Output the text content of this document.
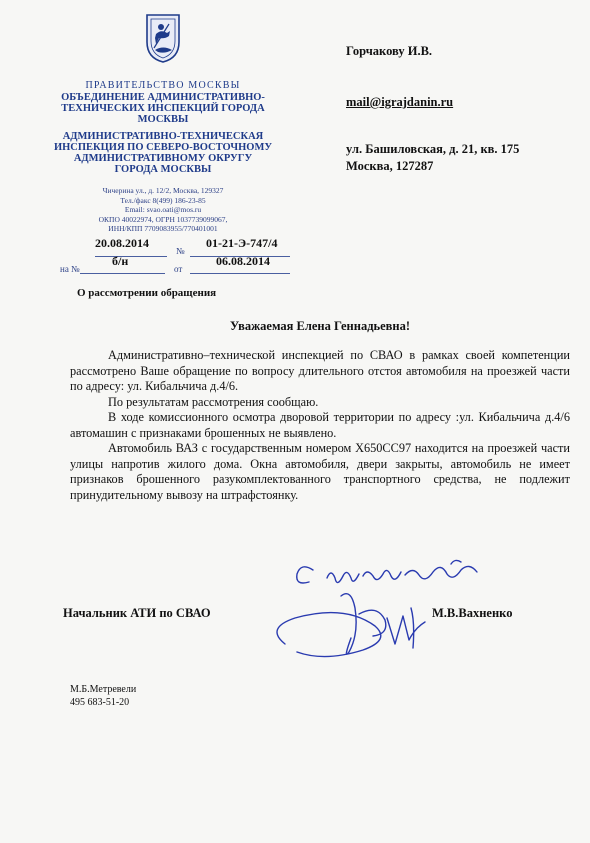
ПРАВИТЕЛЬСТВО МОСКВЫ
ОБЪЕДИНЕНИЕ АДМИНИСТРАТИВНО-
ТЕХНИЧЕСКИХ ИНСПЕКЦИЙ ГОРОДА
МОСКВЫ
АДМИНИСТРАТИВНО-ТЕХНИЧЕСКАЯ
ИНСПЕКЦИЯ ПО СЕВЕРО-ВОСТОЧНОМУ
АДМИНИСТРАТИВНОМУ ОКРУГУ
ГОРОДА МОСКВЫ
Чичерина ул., д. 12/2, Москва, 129327
Тел./факс 8(499) 186-23-85
Email: svao.oati@mos.ru
ОКПО 40022974, ОГРН 1037739099067,
ИНН/КПП 7709083955/770401001
20.08.2014
№
01-21-Э-747/4
на №
б/н
от
06.08.2014
Горчакову И.В.
mail@igrajdanin.ru
ул. Башиловская, д. 21, кв. 175
Москва, 127287
О рассмотрении обращения
Уважаемая Елена Геннадьевна!

Административно–технической инспекцией по СВАО в рамках своей компетенции рассмотрено Ваше обращение по вопросу длительного отстоя автомобиля на проезжей части по адресу: ул. Кибальчича д.4/6.

По результатам рассмотрения сообщаю.

В ходе комиссионного осмотра дворовой территории по адресу :ул. Кибальчича д.4/6 автомашин с признаками брошенных не выявлено.

Автомобиль ВАЗ с государственным номером Х650СС97 находится на проезжей части улицы напротив жилого дома. Окна автомобиля, двери закрыты, автомобиль не имеет признаков брошенного разукомплектованного транспортного средства, не подлежит принудительному вывозу на штрафстоянку.

Начальник АТИ по СВАО	М.В.Вахненко
М.Б.Метревели
495 683-51-20
